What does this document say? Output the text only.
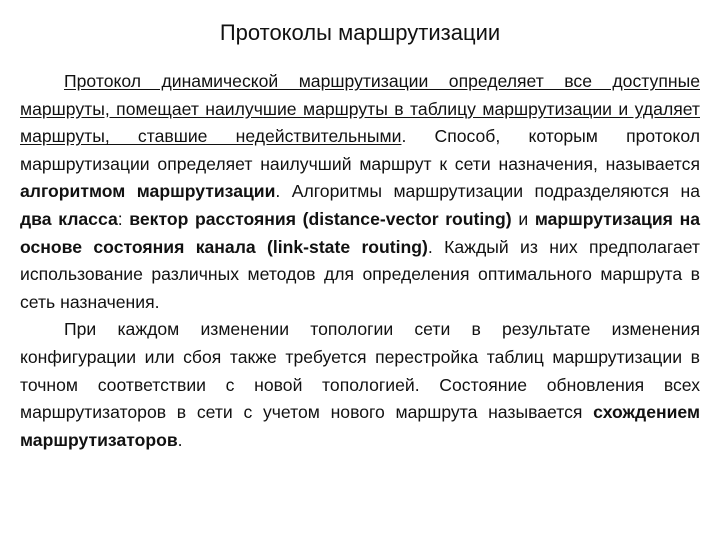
Протоколы маршрутизации

Протокол динамической маршрутизации определяет все доступные маршруты, помещает наилучшие маршруты в таблицу маршрутизации и удаляет маршруты, ставшие недействительными. Способ, которым протокол маршрутизации определяет наилучший маршрут к сети назначения, называется алгоритмом маршрутизации. Алгоритмы маршрутизации подразделяются на два класса: вектор расстояния (distance-vector routing) и маршрутизация на основе состояния канала (link-state routing). Каждый из них предполагает использование различных методов для определения оптимального маршрута в сеть назначения.

При каждом изменении топологии сети в результате изменения конфигурации или сбоя также требуется перестройка таблиц маршрутизации в точном соответствии с новой топологией. Состояние обновления всех маршрутизаторов в сети с учетом нового маршрута называется схождением маршрутизаторов.
